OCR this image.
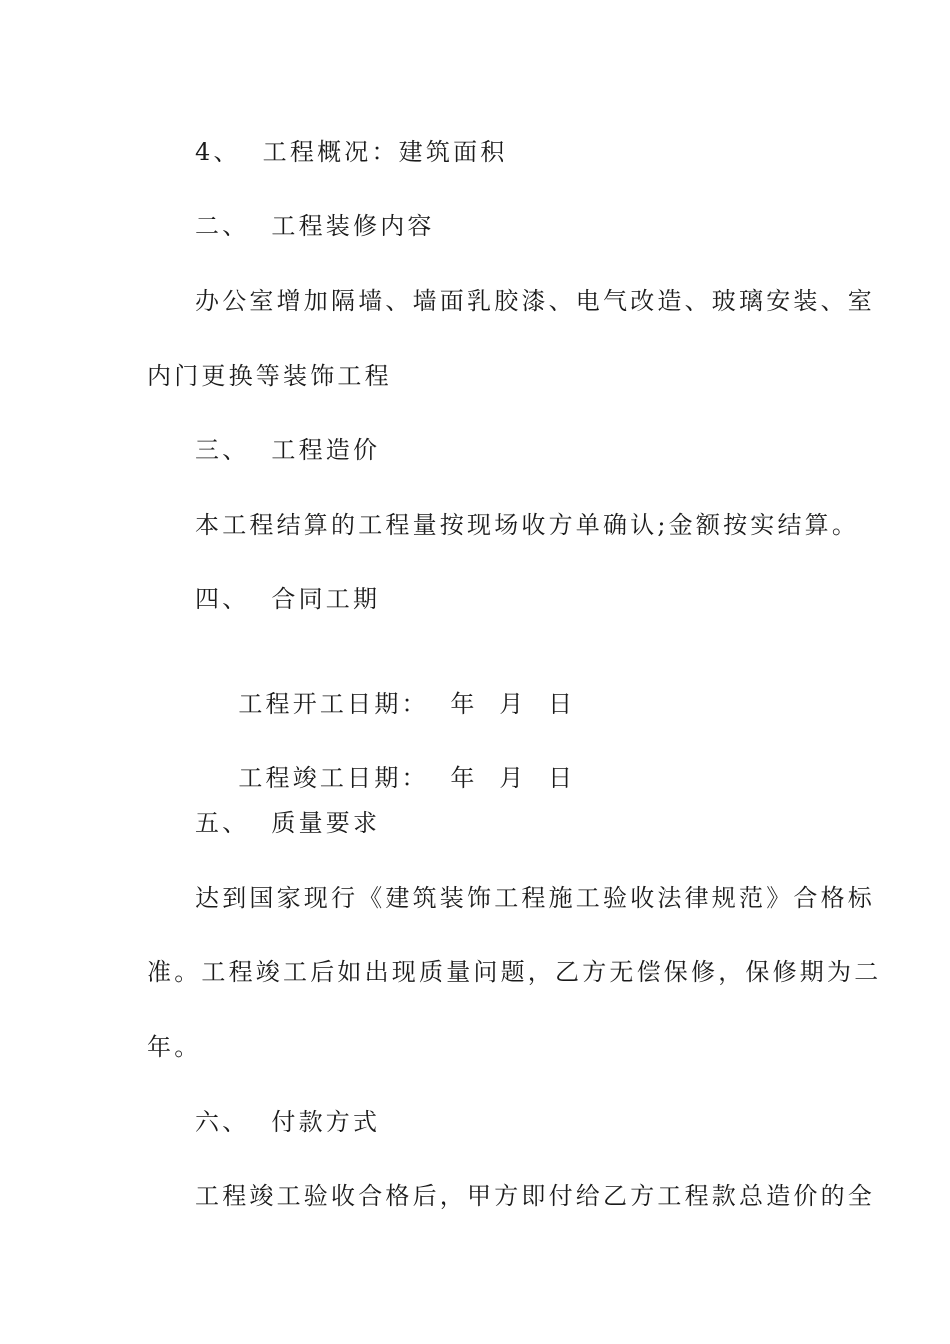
4、 工程概况：建筑面积
二、 工程装修内容
办公室增加隔墙、墙面乳胶漆、电气改造、玻璃安装、室
内门更换等装饰工程
三、 工程造价
本工程结算的工程量按现场收方单确认;金额按实结算。
四、 合同工期

工程开工日期：  年  月  日

工程竣工日期：  年  月  日

五、 质量要求
达到国家现行《建筑装饰工程施工验收法律规范》合格标
准。工程竣工后如出现质量问题，乙方无偿保修，保修期为二
年。
六、 付款方式
工程竣工验收合格后，甲方即付给乙方工程款总造价的全
